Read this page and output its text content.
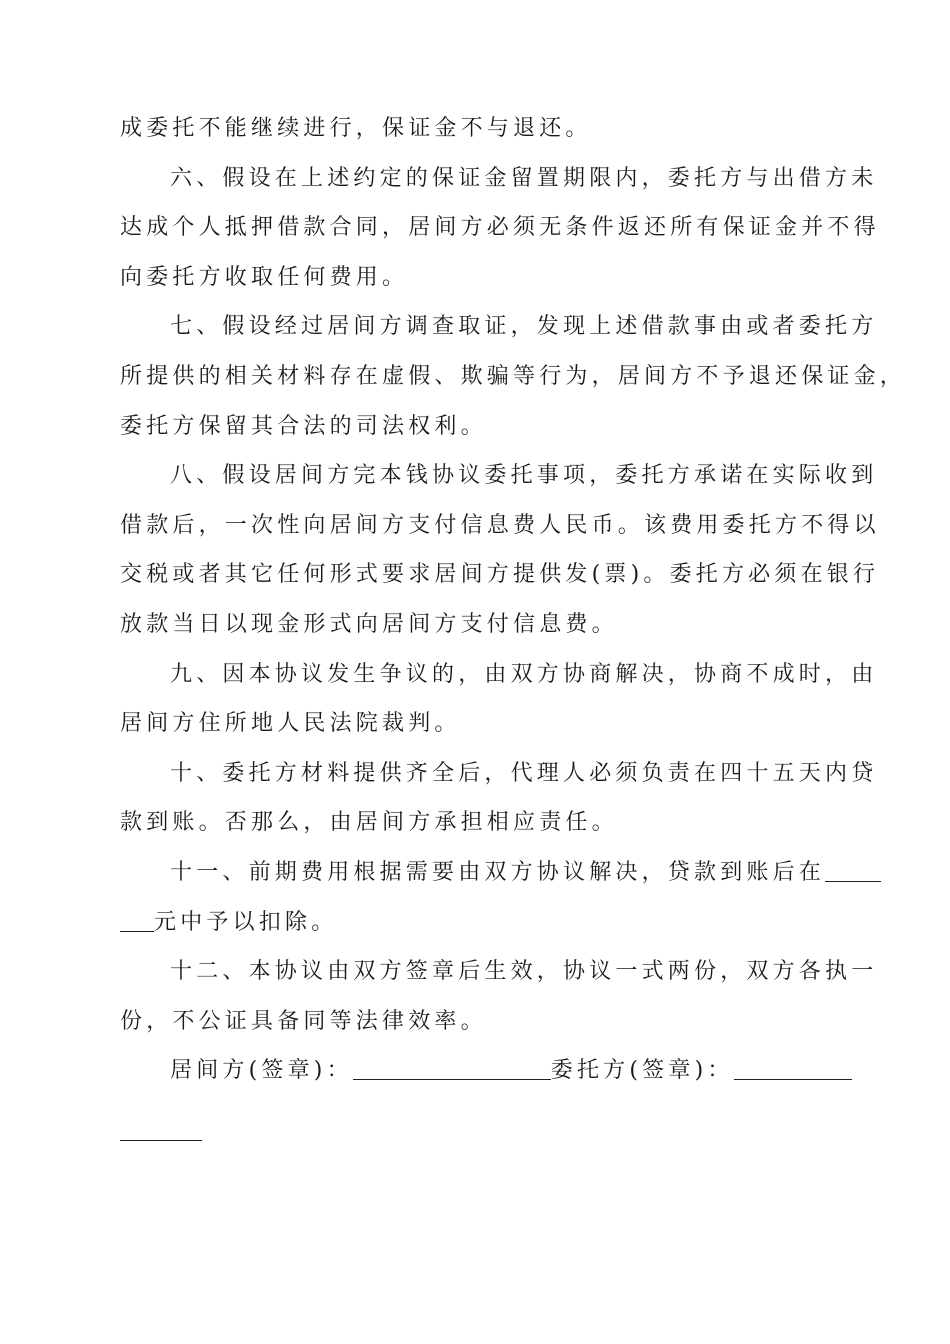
成委托不能继续进行，保证金不与退还。
六、假设在上述约定的保证金留置期限内，委托方与出借方未
达成个人抵押借款合同，居间方必须无条件返还所有保证金并不得
向委托方收取任何费用。
七、假设经过居间方调查取证，发现上述借款事由或者委托方
所提供的相关材料存在虚假、欺骗等行为，居间方不予退还保证金，
委托方保留其合法的司法权利。
八、假设居间方完本钱协议委托事项，委托方承诺在实际收到
借款后，一次性向居间方支付信息费人民币。该费用委托方不得以
交税或者其它任何形式要求居间方提供发(票)。委托方必须在银行
放款当日以现金形式向居间方支付信息费。
九、因本协议发生争议的，由双方协商解决，协商不成时，由
居间方住所地人民法院裁判。
十、委托方材料提供齐全后，代理人必须负责在四十五天内贷
款到账。否那么，由居间方承担相应责任。
十一、前期费用根据需要由双方协议解决，贷款到账后在
元中予以扣除。
十二、本协议由双方签章后生效，协议一式两份，双方各执一
份，不公证具备同等法律效率。
居间方(签章)：	委托方(签章)：
